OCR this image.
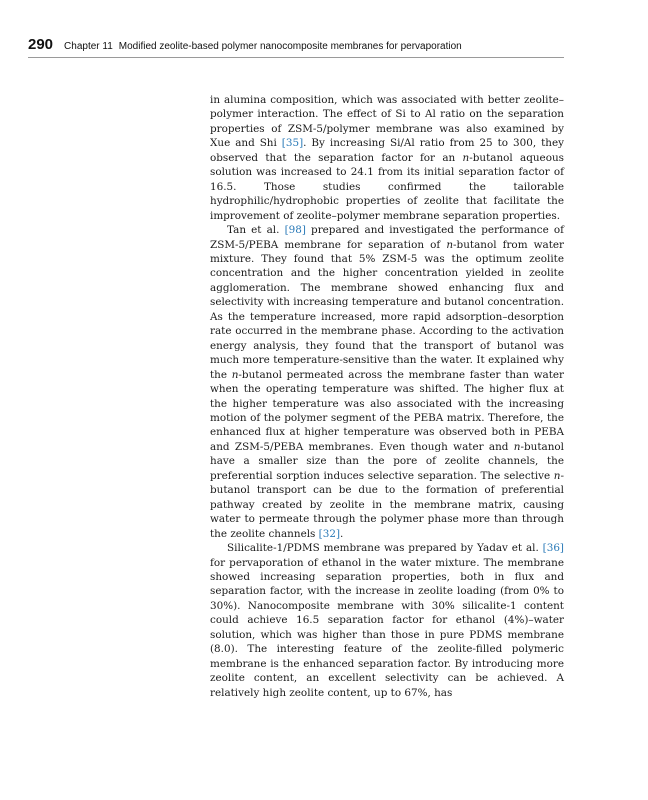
290 Chapter 11 Modified zeolite-based polymer nanocomposite membranes for pervaporation

in alumina composition, which was associated with better zeolite–polymer interaction. The effect of Si to Al ratio on the separation properties of ZSM-5/polymer membrane was also examined by Xue and Shi [35]. By increasing Si/Al ratio from 25 to 300, they observed that the separation factor for an n-butanol aqueous solution was increased to 24.1 from its initial separation factor of 16.5. Those studies confirmed the tailorable hydrophilic/hydrophobic properties of zeolite that facilitate the improvement of zeolite–polymer membrane separation properties.

Tan et al. [98] prepared and investigated the performance of ZSM-5/PEBA membrane for separation of n-butanol from water mixture. They found that 5% ZSM-5 was the optimum zeolite concentration and the higher concentration yielded in zeolite agglomeration. The membrane showed enhancing flux and selectivity with increasing temperature and butanol concentration. As the temperature increased, more rapid adsorption–desorption rate occurred in the membrane phase. According to the activation energy analysis, they found that the transport of butanol was much more temperature-sensitive than the water. It explained why the n-butanol permeated across the membrane faster than water when the operating temperature was shifted. The higher flux at the higher temperature was also associated with the increasing motion of the polymer segment of the PEBA matrix. Therefore, the enhanced flux at higher temperature was observed both in PEBA and ZSM-5/PEBA membranes. Even though water and n-butanol have a smaller size than the pore of zeolite channels, the preferential sorption induces selective separation. The selective n-butanol transport can be due to the formation of preferential pathway created by zeolite in the membrane matrix, causing water to permeate through the polymer phase more than through the zeolite channels [32].

Silicalite-1/PDMS membrane was prepared by Yadav et al. [36] for pervaporation of ethanol in the water mixture. The membrane showed increasing separation properties, both in flux and separation factor, with the increase in zeolite loading (from 0% to 30%). Nanocomposite membrane with 30% silicalite-1 content could achieve 16.5 separation factor for ethanol (4%)–water solution, which was higher than those in pure PDMS membrane (8.0). The interesting feature of the zeolite-filled polymeric membrane is the enhanced separation factor. By introducing more zeolite content, an excellent selectivity can be achieved. A relatively high zeolite content, up to 67%, has
